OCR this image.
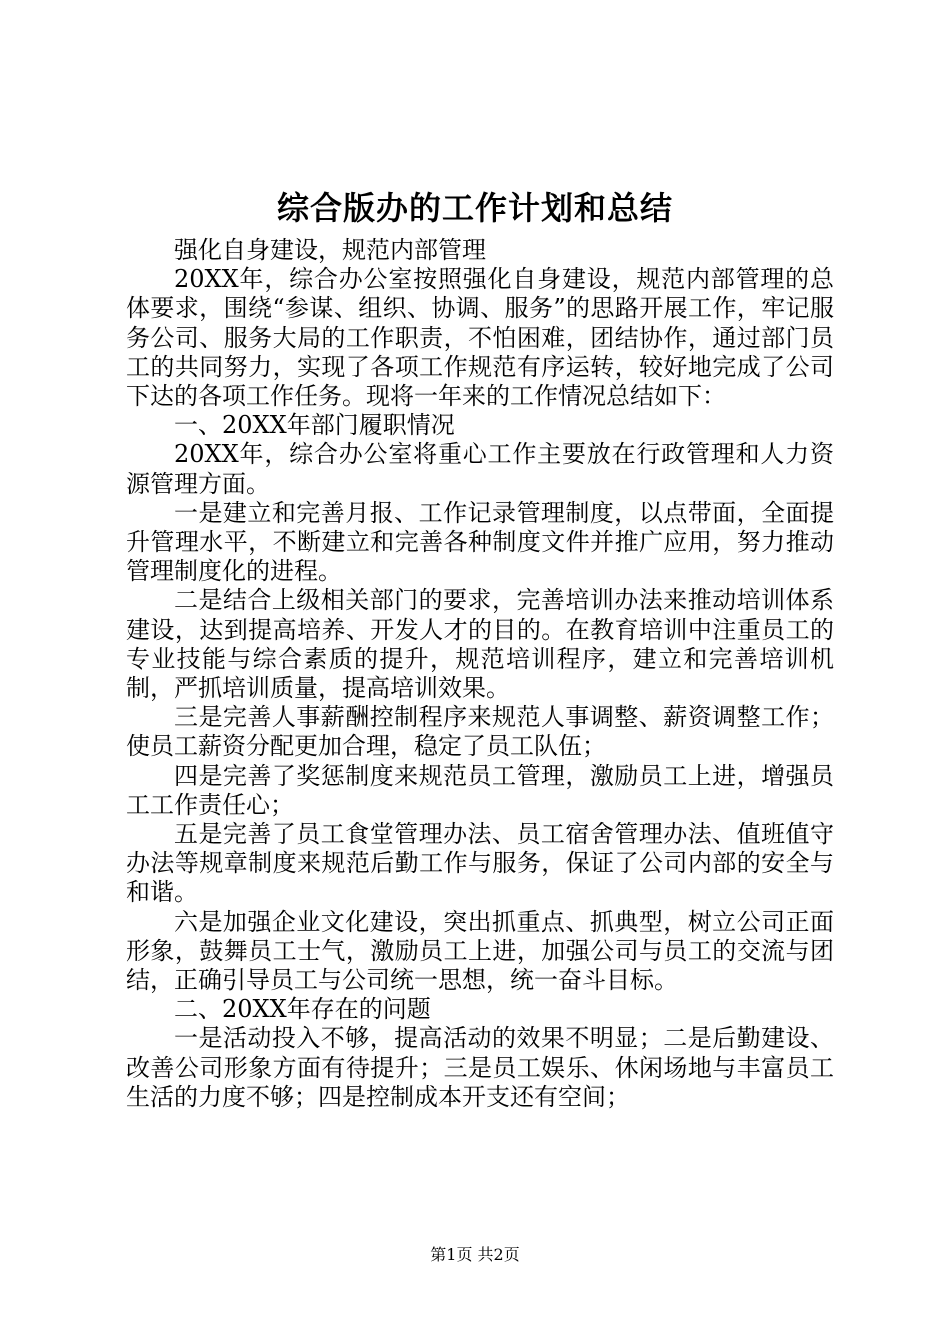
综合版办的工作计划和总结

强化自身建设，规范内部管理

20XX年，综合办公室按照强化自身建设，规范内部管理的总体要求，围绕“参谋、组织、协调、服务”的思路开展工作，牢记服务公司、服务大局的工作职责，不怕困难，团结协作，通过部门员工的共同努力，实现了各项工作规范有序运转，较好地完成了公司下达的各项工作任务。现将一年来的工作情况总结如下：

一、20XX年部门履职情况

20XX年，综合办公室将重心工作主要放在行政管理和人力资源管理方面。

一是建立和完善月报、工作记录管理制度，以点带面，全面提升管理水平，不断建立和完善各种制度文件并推广应用，努力推动管理制度化的进程。

二是结合上级相关部门的要求，完善培训办法来推动培训体系建设，达到提高培养、开发人才的目的。在教育培训中注重员工的专业技能与综合素质的提升，规范培训程序，建立和完善培训机制，严抓培训质量，提高培训效果。

三是完善人事薪酬控制程序来规范人事调整、薪资调整工作；使员工薪资分配更加合理，稳定了员工队伍；

四是完善了奖惩制度来规范员工管理，激励员工上进，增强员工工作责任心；

五是完善了员工食堂管理办法、员工宿舍管理办法、值班值守办法等规章制度来规范后勤工作与服务，保证了公司内部的安全与和谐。

六是加强企业文化建设，突出抓重点、抓典型，树立公司正面形象，鼓舞员工士气，激励员工上进，加强公司与员工的交流与团结，正确引导员工与公司统一思想，统一奋斗目标。

二、20XX年存在的问题

一是活动投入不够，提高活动的效果不明显；二是后勤建设、改善公司形象方面有待提升；三是员工娱乐、休闲场地与丰富员工生活的力度不够；四是控制成本开支还有空间；

第1页 共2页
